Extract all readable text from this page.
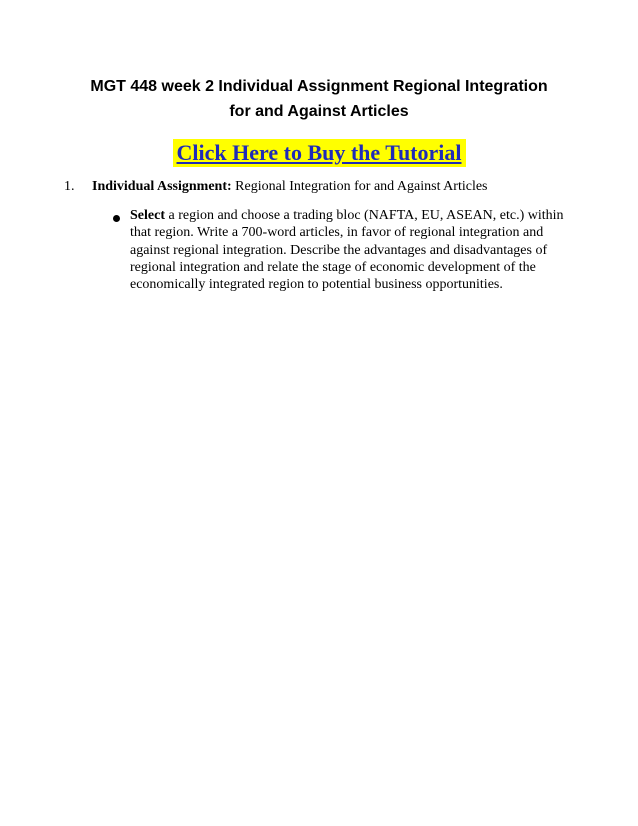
MGT 448 week 2 Individual Assignment Regional Integration
for and Against Articles
Click Here to Buy the Tutorial
1. Individual Assignment: Regional Integration for and Against Articles

Select a region and choose a trading bloc (NAFTA, EU, ASEAN, etc.) within that region. Write a 700-word articles, in favor of regional integration and against regional integration. Describe the advantages and disadvantages of regional integration and relate the stage of economic development of the economically integrated region to potential business opportunities.
